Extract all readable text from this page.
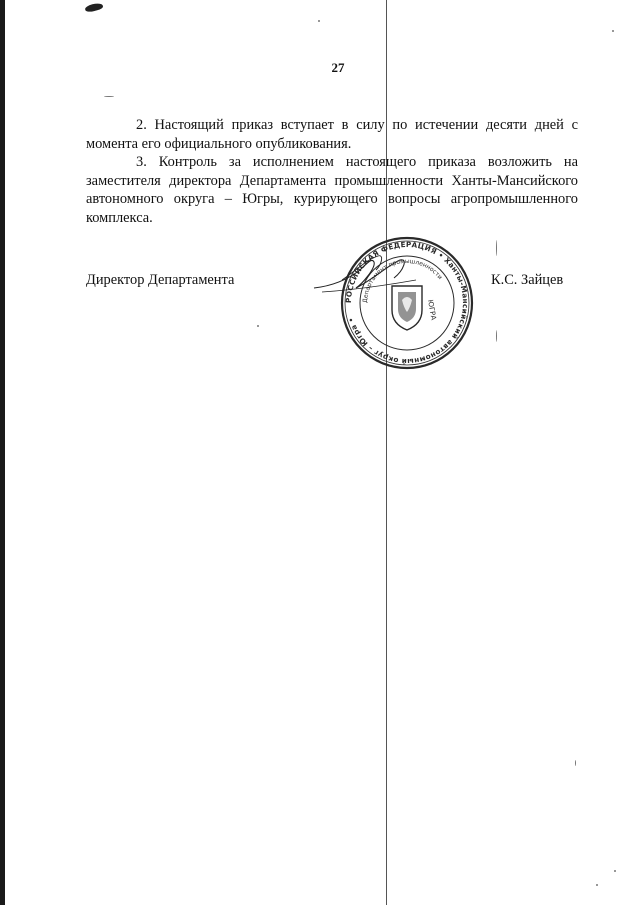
27

2. Настоящий приказ вступает в силу по истечении десяти дней с момента его официального опубликования.

3. Контроль за исполнением настоящего приказа возложить на заместителя директора Департамента промышленности Ханты-Мансийского автономного округа – Югры, курирующего вопросы агропромышленного комплекса.

РОССИЙСКАЯ ФЕДЕРАЦИЯ • Ханты-Мансийский автономный округ – Югра •
Департамент промышленности
ЮГРА
Директор Департамента	К.С. Зайцев
